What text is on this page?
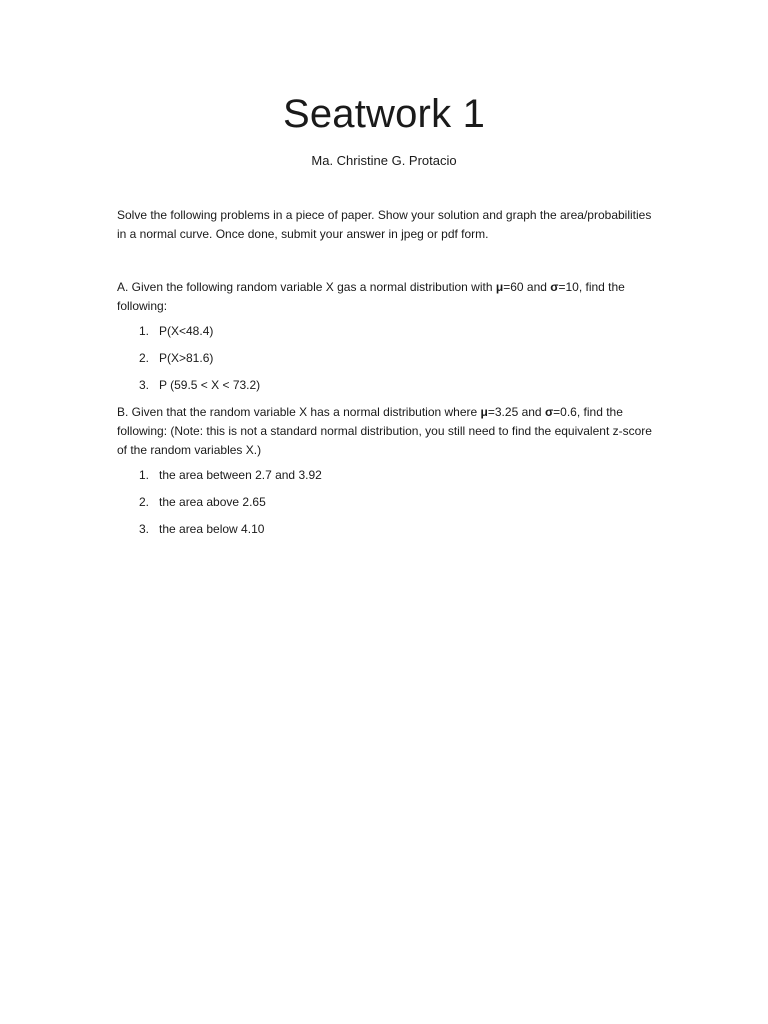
Seatwork 1

Ma. Christine G. Protacio

Solve the following problems in a piece of paper. Show your solution and graph the area/probabilities in a normal curve. Once done, submit your answer in jpeg or pdf form.

A. Given the following random variable X gas a normal distribution with μ=60 and σ=10, find the following:

1. P(X<48.4)
2. P(X>81.6)
3. P (59.5 < X < 73.2)

B. Given that the random variable X has a normal distribution where μ=3.25 and σ=0.6, find the following: (Note: this is not a standard normal distribution, you still need to find the equivalent z-score of the random variables X.)

1. the area between 2.7 and 3.92
2. the area above 2.65
3. the area below 4.10
